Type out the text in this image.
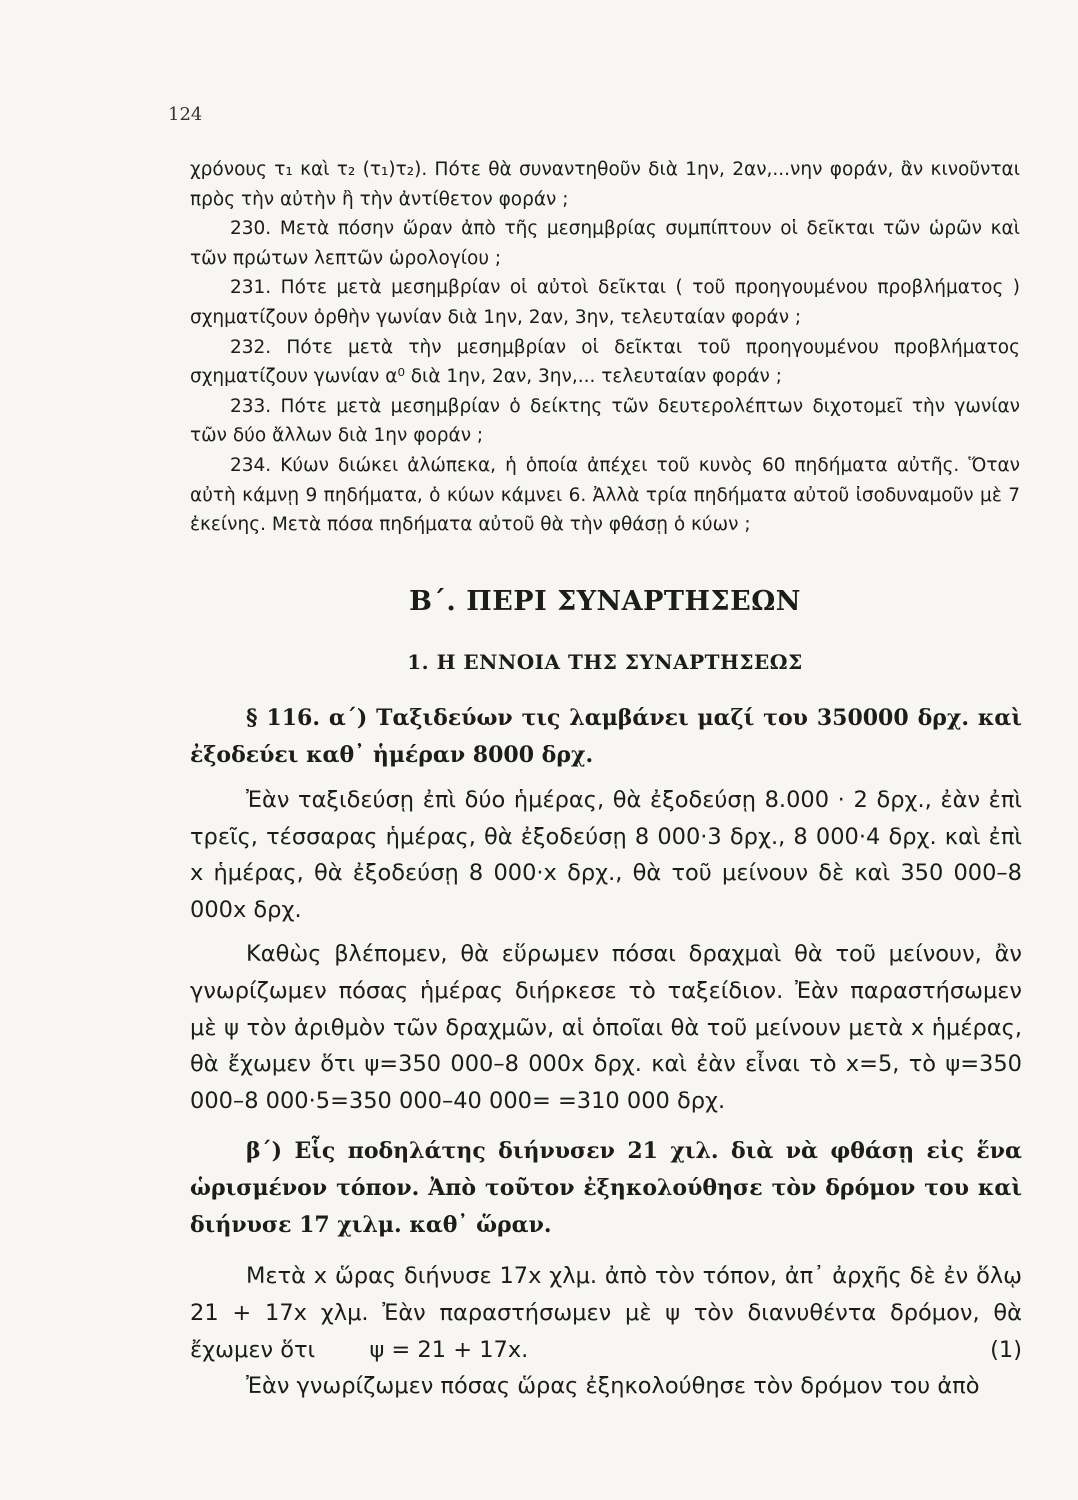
124

χρόνους τ₁ καὶ τ₂ (τ₁)τ₂). Πότε θὰ συναντηθοῦν διὰ 1ην, 2αν,...νην φοράν, ἂν κινοῦνται πρὸς τὴν αὐτὴν ἢ τὴν ἀντίθετον φοράν ;

230. Μετὰ πόσην ὥραν ἀπὸ τῆς μεσημβρίας συμπίπτουν οἱ δεῖκται τῶν ὡρῶν καὶ τῶν πρώτων λεπτῶν ὡρολογίου ;

231. Πότε μετὰ μεσημβρίαν οἱ αὐτοὶ δεῖκται ( τοῦ προηγουμένου προβλήματος ) σχηματίζουν ὀρθὴν γωνίαν διὰ 1ην, 2αν, 3ην, τελευταίαν φοράν ;

232. Πότε μετὰ τὴν μεσημβρίαν οἱ δεῖκται τοῦ προηγουμένου προβλήματος σχηματίζουν γωνίαν α⁰ διὰ 1ην, 2αν, 3ην,... τελευταίαν φοράν ;

233. Πότε μετὰ μεσημβρίαν ὁ δείκτης τῶν δευτερολέπτων διχοτομεῖ τὴν γωνίαν τῶν δύο ἄλλων διὰ 1ην φοράν ;

234. Κύων διώκει ἀλώπεκα, ἡ ὁποία ἀπέχει τοῦ κυνὸς 60 πηδήματα αὐτῆς. Ὅταν αὐτὴ κάμνῃ 9 πηδήματα, ὁ κύων κάμνει 6. Ἀλλὰ τρία πηδήματα αὐτοῦ ἰσοδυναμοῦν μὲ 7 ἐκείνης. Μετὰ πόσα πηδήματα αὐτοῦ θὰ τὴν φθάσῃ ὁ κύων ;

Β΄. ΠΕΡΙ ΣΥΝΑΡΤΗΣΕΩΝ
1. Η ΕΝΝΟΙΑ ΤΗΣ ΣΥΝΑΡΤΗΣΕΩΣ

§ 116. α΄) Ταξιδεύων τις λαμβάνει μαζί του 350000 δρχ. καὶ ἐξοδεύει καθ᾽ ἡμέραν 8000 δρχ.

Ἐὰν ταξιδεύσῃ ἐπὶ δύο ἡμέρας, θὰ ἐξοδεύσῃ 8.000 · 2 δρχ., ἐὰν ἐπὶ τρεῖς, τέσσαρας ἡμέρας, θὰ ἐξοδεύσῃ 8 000·3 δρχ., 8 000·4 δρχ. καὶ ἐπὶ x ἡμέρας, θὰ ἐξοδεύσῃ 8 000·x δρχ., θὰ τοῦ μείνουν δὲ καὶ 350 000–8 000x δρχ.

Καθὼς βλέπομεν, θὰ εὕρωμεν πόσαι δραχμαὶ θὰ τοῦ μείνουν, ἂν γνωρίζωμεν πόσας ἡμέρας διήρκεσε τὸ ταξείδιον. Ἐὰν παραστήσωμεν μὲ ψ τὸν ἀριθμὸν τῶν δραχμῶν, αἱ ὁποῖαι θὰ τοῦ μείνουν μετὰ x ἡμέρας, θὰ ἔχωμεν ὅτι ψ=350 000–8 000x δρχ. καὶ ἐὰν εἶναι τὸ x=5, τὸ ψ=350 000–8 000·5=350 000–40 000= =310 000 δρχ.

β΄) Εἷς ποδηλάτης διήνυσεν 21 χιλ. διὰ νὰ φθάσῃ εἰς ἕνα ὡρισμένον τόπον. Ἀπὸ τοῦτον ἐξηκολούθησε τὸν δρόμον του καὶ διήνυσε 17 χιλμ. καθ᾽ ὥραν.

Μετὰ x ὥρας διήνυσε 17x χλμ. ἀπὸ τὸν τόπον, ἀπ᾽ ἀρχῆς δὲ ἐν ὅλῳ 21 + 17x χλμ. Ἐὰν παραστήσωμεν μὲ ψ τὸν διανυθέντα δρόμον, θὰ ἔχωμεν ὅτι ψ = 21 + 17x.	(1)

Ἐὰν γνωρίζωμεν πόσας ὥρας ἐξηκολούθησε τὸν δρόμον του ἀπὸ
